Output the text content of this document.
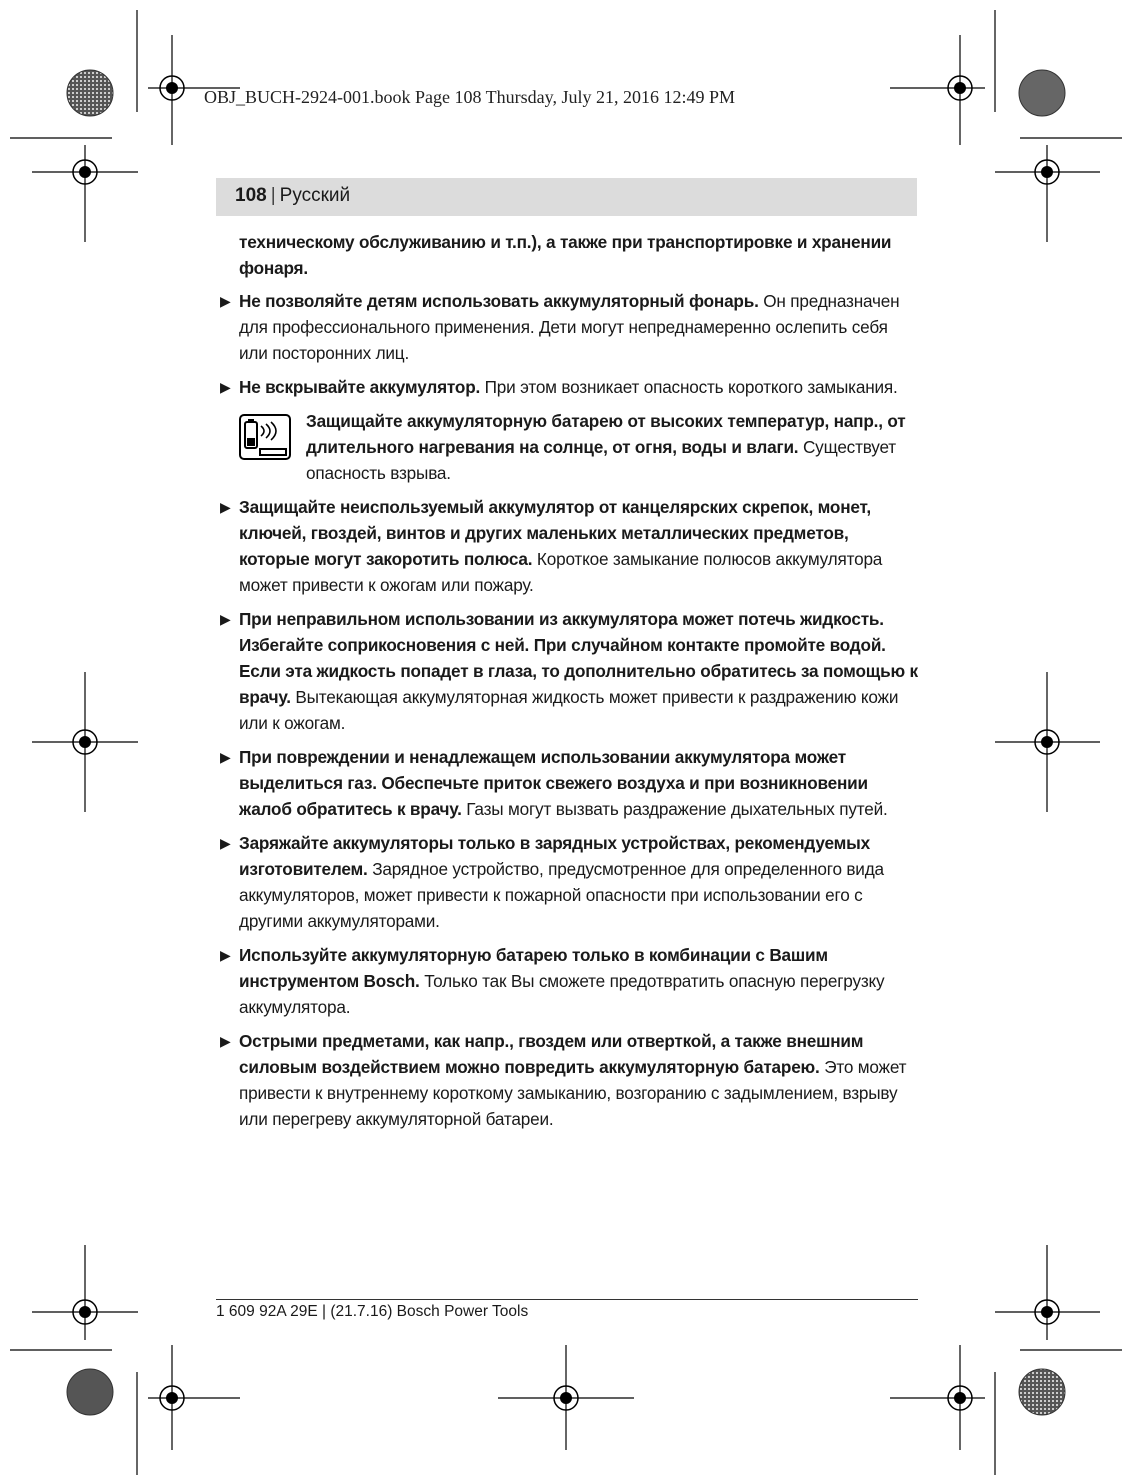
OBJ_BUCH-2924-001.book Page 108 Thursday, July 21, 2016 12:49 PM
108 | Русский

техническому обслуживанию и т.п.), а также при транспортировке и хранении фонаря.

▶ Не позволяйте детям использовать аккумуляторный фонарь. Он предназначен для профессионального применения. Дети могут непреднамеренно ослепить себя или посторонних лиц.

▶ Не вскрывайте аккумулятор. При этом возникает опасность короткого замыкания.

Защищайте аккумуляторную батарею от высоких температур, напр., от длительного нагревания на солнце, от огня, воды и влаги. Существует опасность взрыва.

▶ Защищайте неиспользуемый аккумулятор от канцелярских скрепок, монет, ключей, гвоздей, винтов и других маленьких металлических предметов, которые могут закоротить полюса. Короткое замыкание полюсов аккумулятора может привести к ожогам или пожару.

▶ При неправильном использовании из аккумулятора может потечь жидкость. Избегайте соприкосновения с ней. При случайном контакте промойте водой. Если эта жидкость попадет в глаза, то дополнительно обратитесь за помощью к врачу. Вытекающая аккумуляторная жидкость может привести к раздражению кожи или к ожогам.

▶ При повреждении и ненадлежащем использовании аккумулятора может выделиться газ. Обеспечьте приток свежего воздуха и при возникновении жалоб обратитесь к врачу. Газы могут вызвать раздражение дыхательных путей.

▶ Заряжайте аккумуляторы только в зарядных устройствах, рекомендуемых изготовителем. Зарядное устройство, предусмотренное для определенного вида аккумуляторов, может привести к пожарной опасности при использовании его с другими аккумуляторами.

▶ Используйте аккумуляторную батарею только в комбинации с Вашим инструментом Bosch. Только так Вы сможете предотвратить опасную перегрузку аккумулятора.

▶ Острыми предметами, как напр., гвоздем или отверткой, а также внешним силовым воздействием можно повредить аккумуляторную батарею. Это может привести к внутреннему короткому замыканию, возгоранию с задымлением, взрыву или перегреву аккумуляторной батареи.

1 609 92A 29E | (21.7.16) Bosch Power Tools
